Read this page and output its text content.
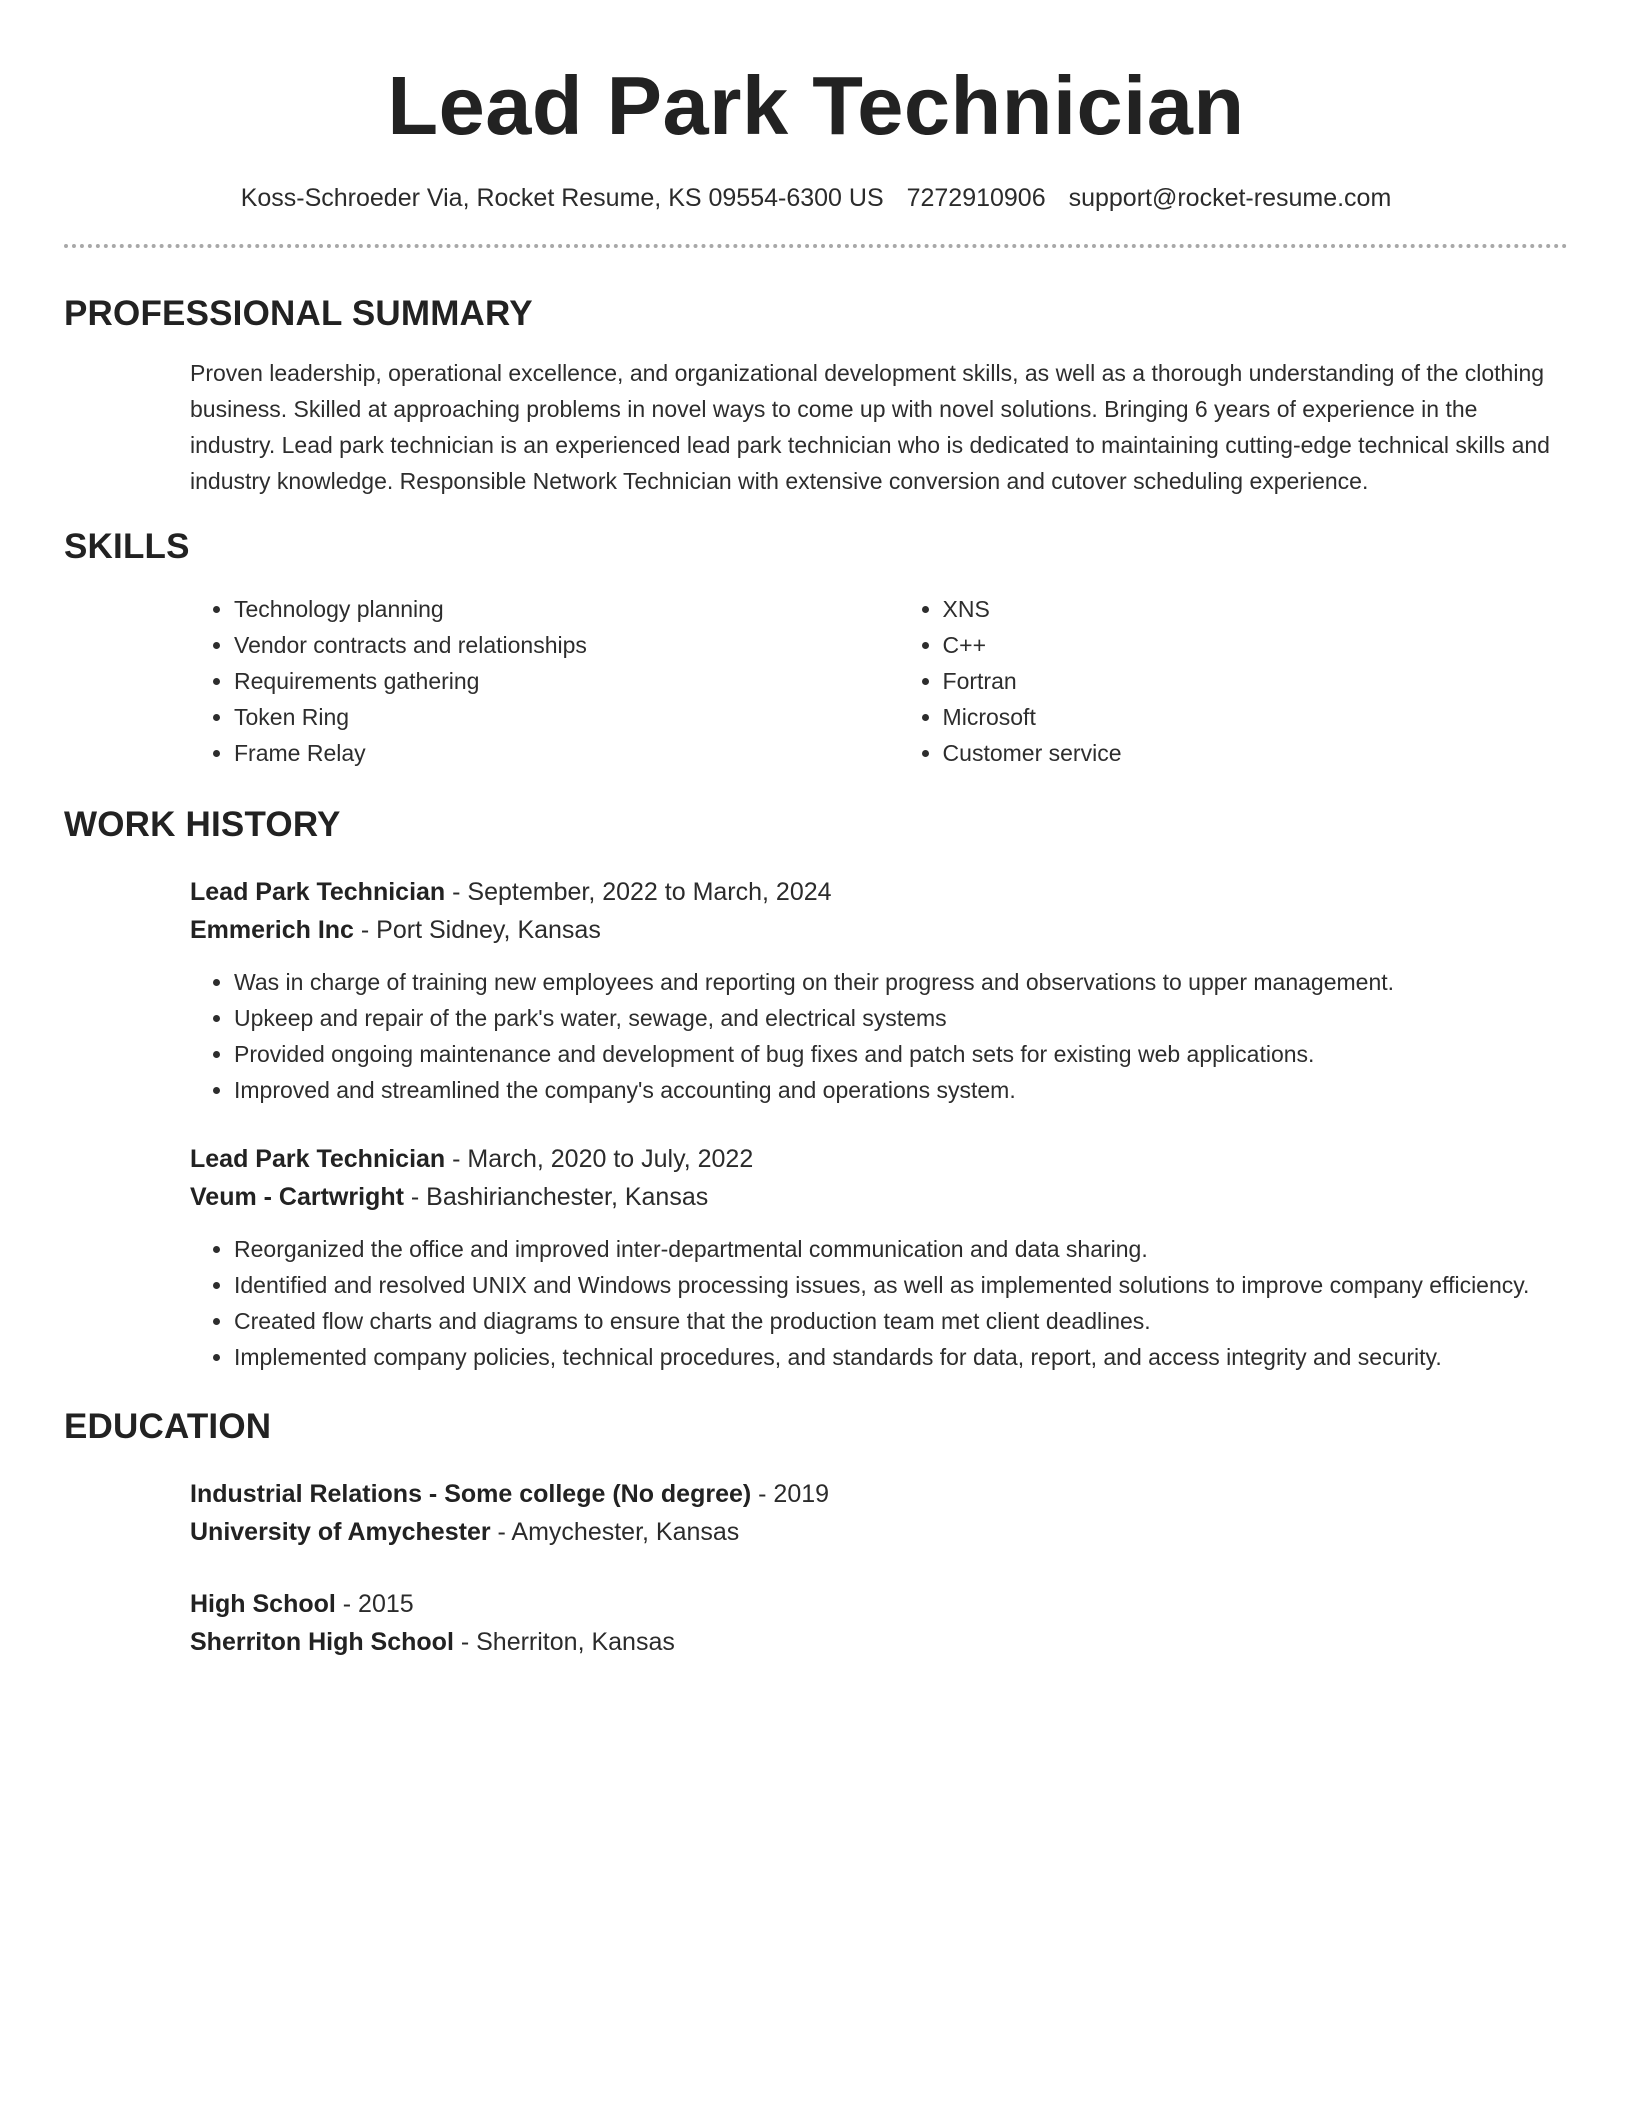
Lead Park Technician
Koss-Schroeder Via, Rocket Resume, KS 09554-6300 US 7272910906 support@rocket-resume.com
PROFESSIONAL SUMMARY
Proven leadership, operational excellence, and organizational development skills, as well as a thorough understanding of the clothing business. Skilled at approaching problems in novel ways to come up with novel solutions. Bringing 6 years of experience in the industry. Lead park technician is an experienced lead park technician who is dedicated to maintaining cutting-edge technical skills and industry knowledge. Responsible Network Technician with extensive conversion and cutover scheduling experience.
SKILLS
• Technology planning
• Vendor contracts and relationships
• Requirements gathering
• Token Ring
• Frame Relay
• XNS
• C++
• Fortran
• Microsoft
• Customer service
WORK HISTORY
Lead Park Technician - September, 2022 to March, 2024
Emmerich Inc - Port Sidney, Kansas
• Was in charge of training new employees and reporting on their progress and observations to upper management.
• Upkeep and repair of the park's water, sewage, and electrical systems
• Provided ongoing maintenance and development of bug fixes and patch sets for existing web applications.
• Improved and streamlined the company's accounting and operations system.
Lead Park Technician - March, 2020 to July, 2022
Veum - Cartwright - Bashirianchester, Kansas
• Reorganized the office and improved inter-departmental communication and data sharing.
• Identified and resolved UNIX and Windows processing issues, as well as implemented solutions to improve company efficiency.
• Created flow charts and diagrams to ensure that the production team met client deadlines.
• Implemented company policies, technical procedures, and standards for data, report, and access integrity and security.
EDUCATION
Industrial Relations - Some college (No degree) - 2019
University of Amychester - Amychester, Kansas
High School - 2015
Sherriton High School - Sherriton, Kansas
